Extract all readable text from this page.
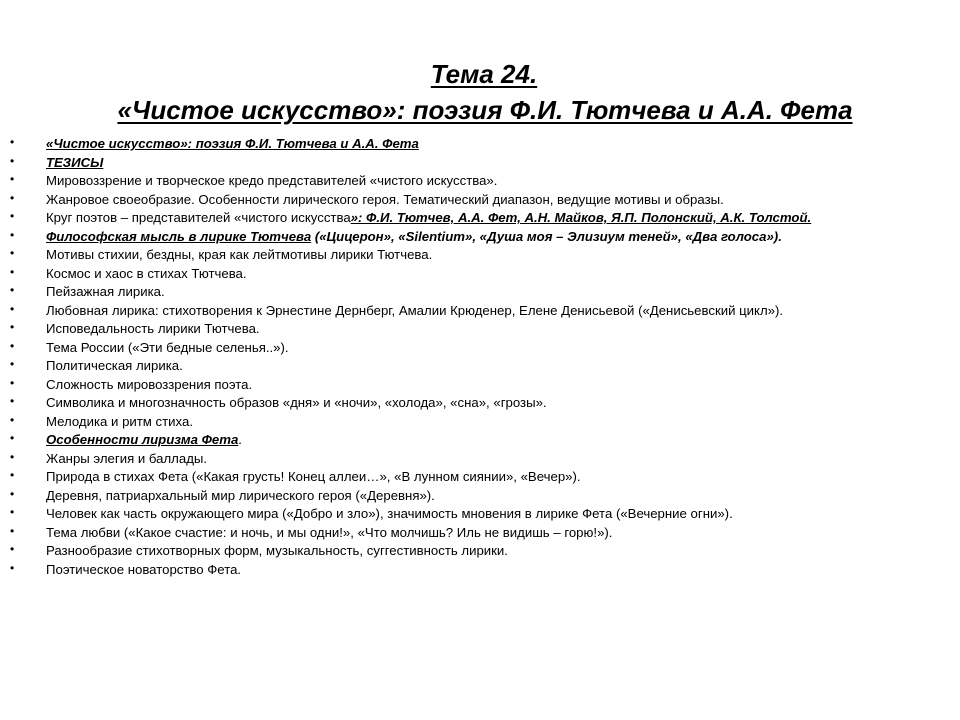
Тема 24.
«Чистое искусство»: поэзия Ф.И. Тютчева и А.А. Фета
• «Чистое искусство»: поэзия Ф.И. Тютчева и А.А. Фета
• ТЕЗИСЫ
• Мировоззрение и творческое кредо представителей «чистого искусства».
• Жанровое своеобразие. Особенности лирического героя. Тематический диапазон, ведущие мотивы и образы.
• Круг поэтов – представителей «чистого искусства»: Ф.И. Тютчев, А.А. Фет, А.Н. Майков, Я.П. Полонский, А.К. Толстой.
• Философская мысль в лирике Тютчева («Цицерон», «Silentium», «Душа моя – Элизиум теней», «Два голоса»).
• Мотивы стихии, бездны, края как лейтмотивы лирики Тютчева.
• Космос и хаос в стихах Тютчева.
• Пейзажная лирика.
• Любовная лирика: стихотворения к Эрнестине Дернберг, Амалии Крюденер, Елене Денисьевой («Денисьевский цикл»).
• Исповедальность лирики Тютчева.
• Тема России («Эти бедные селенья..»).
• Политическая лирика.
• Сложность мировоззрения поэта.
• Символика и многозначность образов «дня» и «ночи», «холода», «сна», «грозы».
• Мелодика и ритм стиха.
• Особенности лиризма Фета.
• Жанры элегия и баллады.
• Природа в стихах Фета («Какая грусть! Конец аллеи…», «В лунном сиянии», «Вечер»).
• Деревня, патриархальный мир лирического героя («Деревня»).
• Человек как часть окружающего мира («Добро и зло»), значимость мновения в лирике Фета («Вечерние огни»).
• Тема любви («Какое счастие: и ночь, и мы одни!», «Что молчишь? Иль не видишь – горю!»).
• Разнообразие стихотворных форм, музыкальность, суггестивность лирики.
• Поэтическое новаторство Фета.
